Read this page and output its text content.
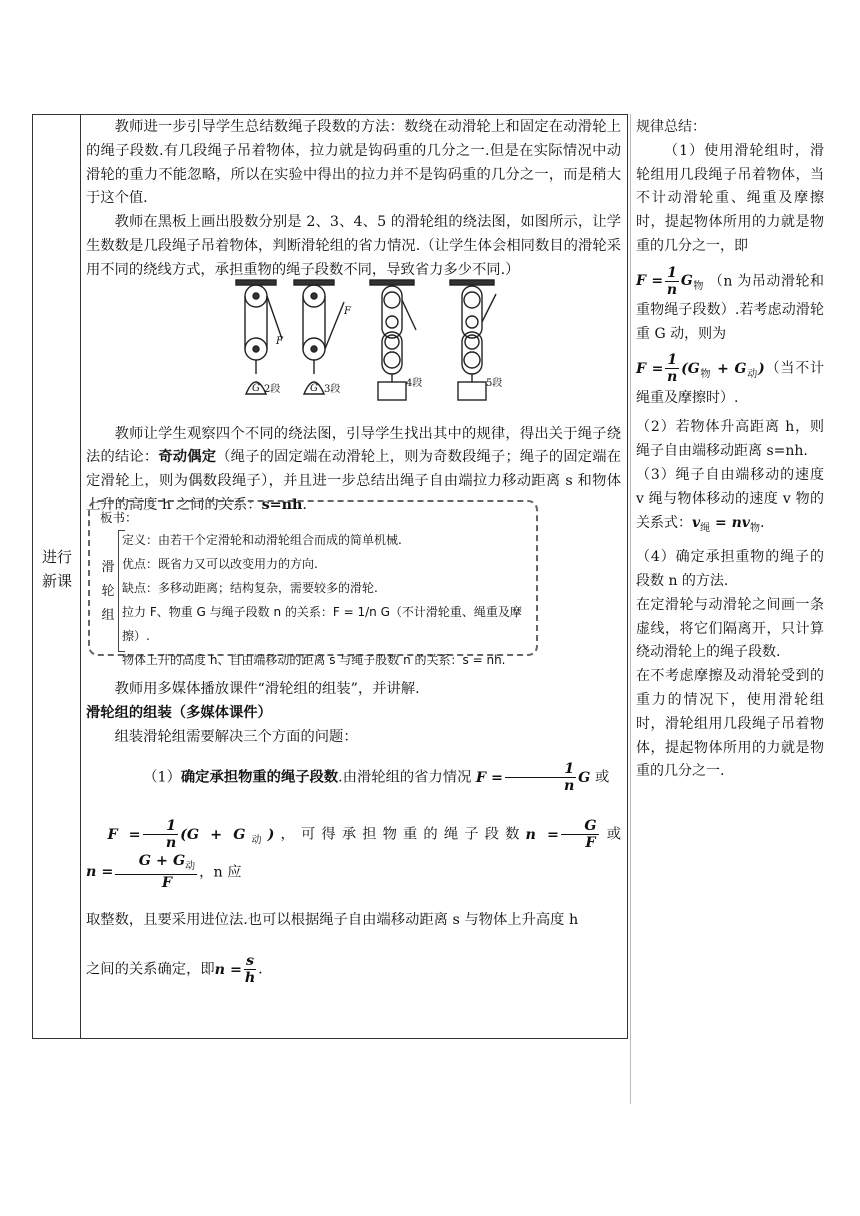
进行
新课

教师进一步引导学生总结数绳子段数的方法：数绕在动滑轮上和固定在动滑轮上的绳子段数.有几段绳子吊着物体，拉力就是钩码重的几分之一.但是在实际情况中动滑轮的重力不能忽略，所以在实验中得出的拉力并不是钩码重的几分之一，而是稍大于这个值.

教师在黑板上画出股数分别是 2、3、4、5 的滑轮组的绕法图，如图所示，让学生数数是几段绳子吊着物体，判断滑轮组的省力情况.（让学生体会相同数目的滑轮采用不同的绕线方式，承担重物的绳子段数不同，导致省力多少不同.）

教师让学生观察四个不同的绕法图，引导学生找出其中的规律，得出关于绳子绕法的结论：奇动偶定（绳子的固定端在动滑轮上，则为奇数段绳子；绳子的固定端在定滑轮上，则为偶数段绳子），并且进一步总结出绳子自由端拉力移动距离 s 和物体上升的高度 h 之间的关系：s=nh.

F
F
2段	3段
4段	5段
G	G
板书：
滑
轮
组
定义：由若干个定滑轮和动滑轮组合而成的简单机械.
优点：既省力又可以改变用力的方向.
缺点：多移动距离；结构复杂，需要较多的滑轮.
拉力 F、物重 G 与绳子段数 n 的关系：F = 1/n G（不计滑轮重、绳重及摩擦）.
物体上升的高度 h、自由端移动的距离 s 与绳子股数 n 的关系：s = nh.

教师用多媒体播放课件“滑轮组的组装”，并讲解.

滑轮组的组装（多媒体课件）

组装滑轮组需要解决三个方面的问题：

（1）确定承担物重的绳子段数.由滑轮组的省力情况 $F = \frac{1}{n}$ G 或

$F = \frac{1}{n} (G + G_动)$，可得承担物重的绳子段数$n = \frac{G}{F}$ 或$n = \frac{G + G_动}{F}$ ，n 应

取整数，且要采用进位法.也可以根据绳子自由端移动距离 s 与物体上升高度 h

之间的关系确定，即$n = \frac{s}{h}$ .

规律总结：

（1）使用滑轮组时，滑轮组用几段绳子吊着物体，当不计动滑轮重、绳重及摩擦时，提起物体所用的力就是物重的几分之一，即

$F = \frac{1}{n} G_物$ （n 为吊动滑轮和重物绳子段数）.若考虑动滑轮重 G 动，则为

$F = \frac{1}{n} (G_物 + G_动)$（当不计绳重及摩擦时）.

（2）若物体升高距离 h，则绳子自由端移动距离 s=nh.

（3）绳子自由端移动的速度 v 绳与物体移动的速度 v 物的关系式：$v_绳 = nv_物$.

（4）确定承担重物的绳子的段数 n 的方法.

在定滑轮与动滑轮之间画一条虚线，将它们隔离开，只计算绕动滑轮上的绳子段数.

在不考虑摩擦及动滑轮受到的重力的情况下，使用滑轮组时，滑轮组用几段绳子吊着物体，提起物体所用的力就是物重的几分之一.
